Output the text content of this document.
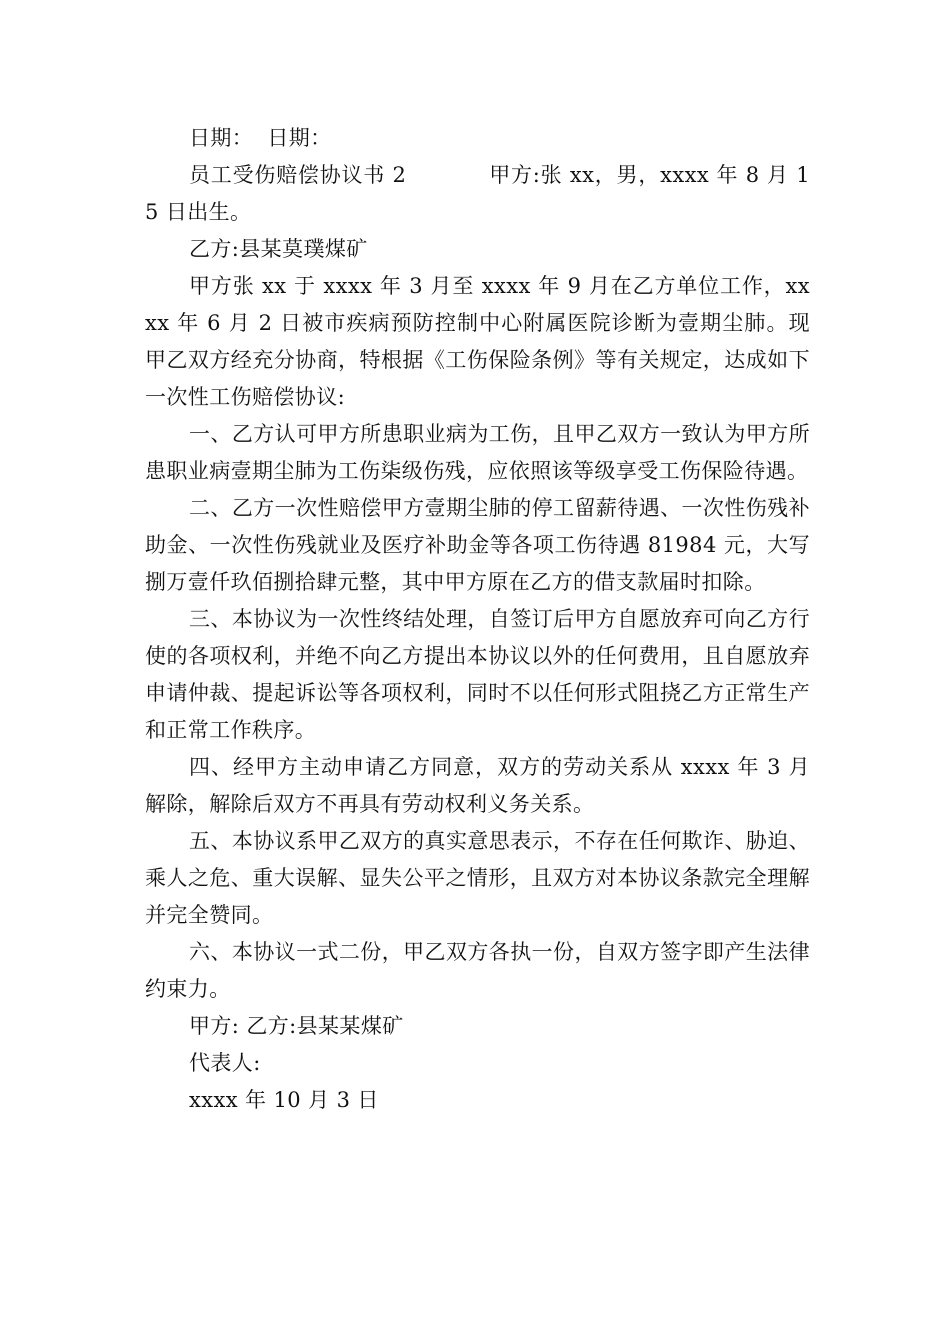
日期：  日期：

员工受伤赔偿协议书 2		甲方:张 xx，男，xxxx 年 8 月 15 日出生。

乙方:县某莫璞煤矿

甲方张 xx 于 xxxx 年 3 月至 xxxx 年 9 月在乙方单位工作，xxxx 年 6 月 2 日被市疾病预防控制中心附属医院诊断为壹期尘肺。现甲乙双方经充分协商，特根据《工伤保险条例》等有关规定，达成如下一次性工伤赔偿协议:

一、乙方认可甲方所患职业病为工伤，且甲乙双方一致认为甲方所患职业病壹期尘肺为工伤柒级伤残，应依照该等级享受工伤保险待遇。

二、乙方一次性赔偿甲方壹期尘肺的停工留薪待遇、一次性伤残补助金、一次性伤残就业及医疗补助金等各项工伤待遇 81984 元，大写捌万壹仟玖佰捌拾肆元整，其中甲方原在乙方的借支款届时扣除。

三、本协议为一次性终结处理，自签订后甲方自愿放弃可向乙方行使的各项权利，并绝不向乙方提出本协议以外的任何费用，且自愿放弃申请仲裁、提起诉讼等各项权利，同时不以任何形式阻挠乙方正常生产和正常工作秩序。

四、经甲方主动申请乙方同意，双方的劳动关系从 xxxx 年 3 月解除，解除后双方不再具有劳动权利义务关系。

五、本协议系甲乙双方的真实意思表示，不存在任何欺诈、胁迫、乘人之危、重大误解、显失公平之情形，且双方对本协议条款完全理解并完全赞同。

六、本协议一式二份，甲乙双方各执一份，自双方签字即产生法律约束力。

甲方: 乙方:县某某煤矿

代表人:

xxxx 年 10 月 3 日
